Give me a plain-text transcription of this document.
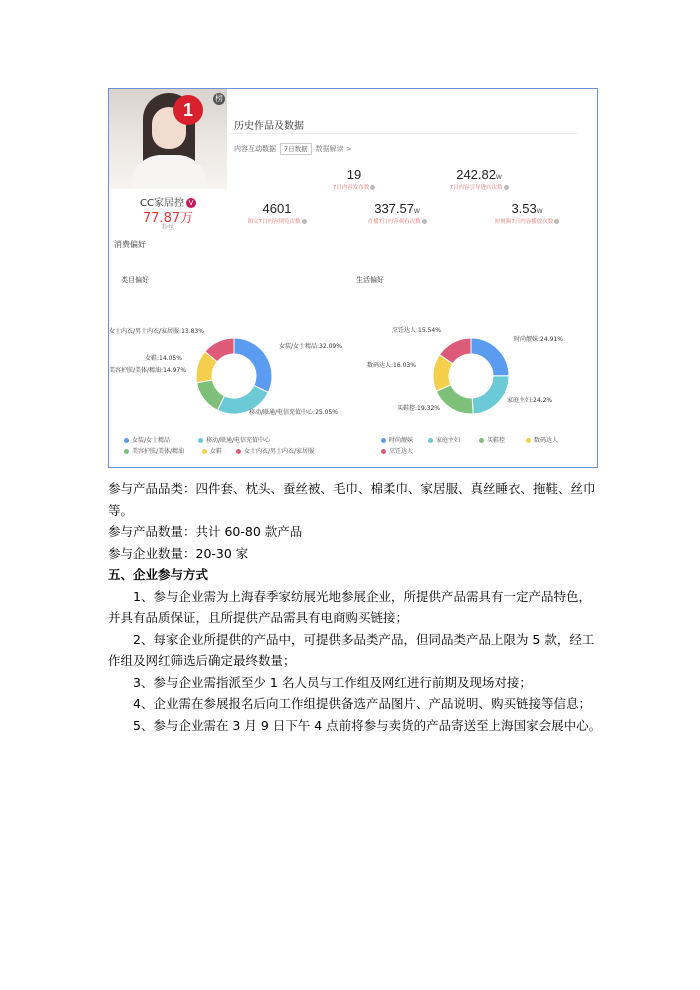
1
榜
CC家居控 V
77.87万
粉丝
历史作品及数据
内容互动数据	7日数据	数据解读 >
19
7日内容发布数
242.82w
7日内容引导进店次数
4601
图文7日内容浏览次数
337.57w
直播7日内容观看次数
3.53w
短视频7日内容播放次数
消费偏好
类目偏好	生活偏好
女装/女士精品:32.09%
移动/联通/电信充值中心:25.05%
美容护肤/美体/精油:14.97%
女鞋:14.05%
女士内衣/男士内衣/家居服:13.83%
时尚靓妹:24.91%
家庭主妇:24.2%
买鞋控:19.32%
数码达人:16.03%
烹饪达人:15.54%
女装/女士精品	移动/联通/电信充值中心
美容护肤/美体/精油	女鞋	女士内衣/男士内衣/家居服
时尚靓妹	家庭主妇	买鞋控	数码达人
烹饪达人

参与产品品类：四件套、枕头、蚕丝被、毛巾、棉柔巾、家居服、真丝睡衣、拖鞋、丝巾等。

参与产品数量：共计 60-80 款产品

参与企业数量：20-30 家

五、企业参与方式

1、参与企业需为上海春季家纺展光地参展企业，所提供产品需具有一定产品特色，并具有品质保证，且所提供产品需具有电商购买链接；

2、每家企业所提供的产品中，可提供多品类产品，但同品类产品上限为 5 款，经工作组及网红筛选后确定最终数量；

3、参与企业需指派至少 1 名人员与工作组及网红进行前期及现场对接；

4、企业需在参展报名后向工作组提供备选产品图片、产品说明、购买链接等信息；

5、参与企业需在 3 月 9 日下午 4 点前将参与卖货的产品寄送至上海国家会展中心。
